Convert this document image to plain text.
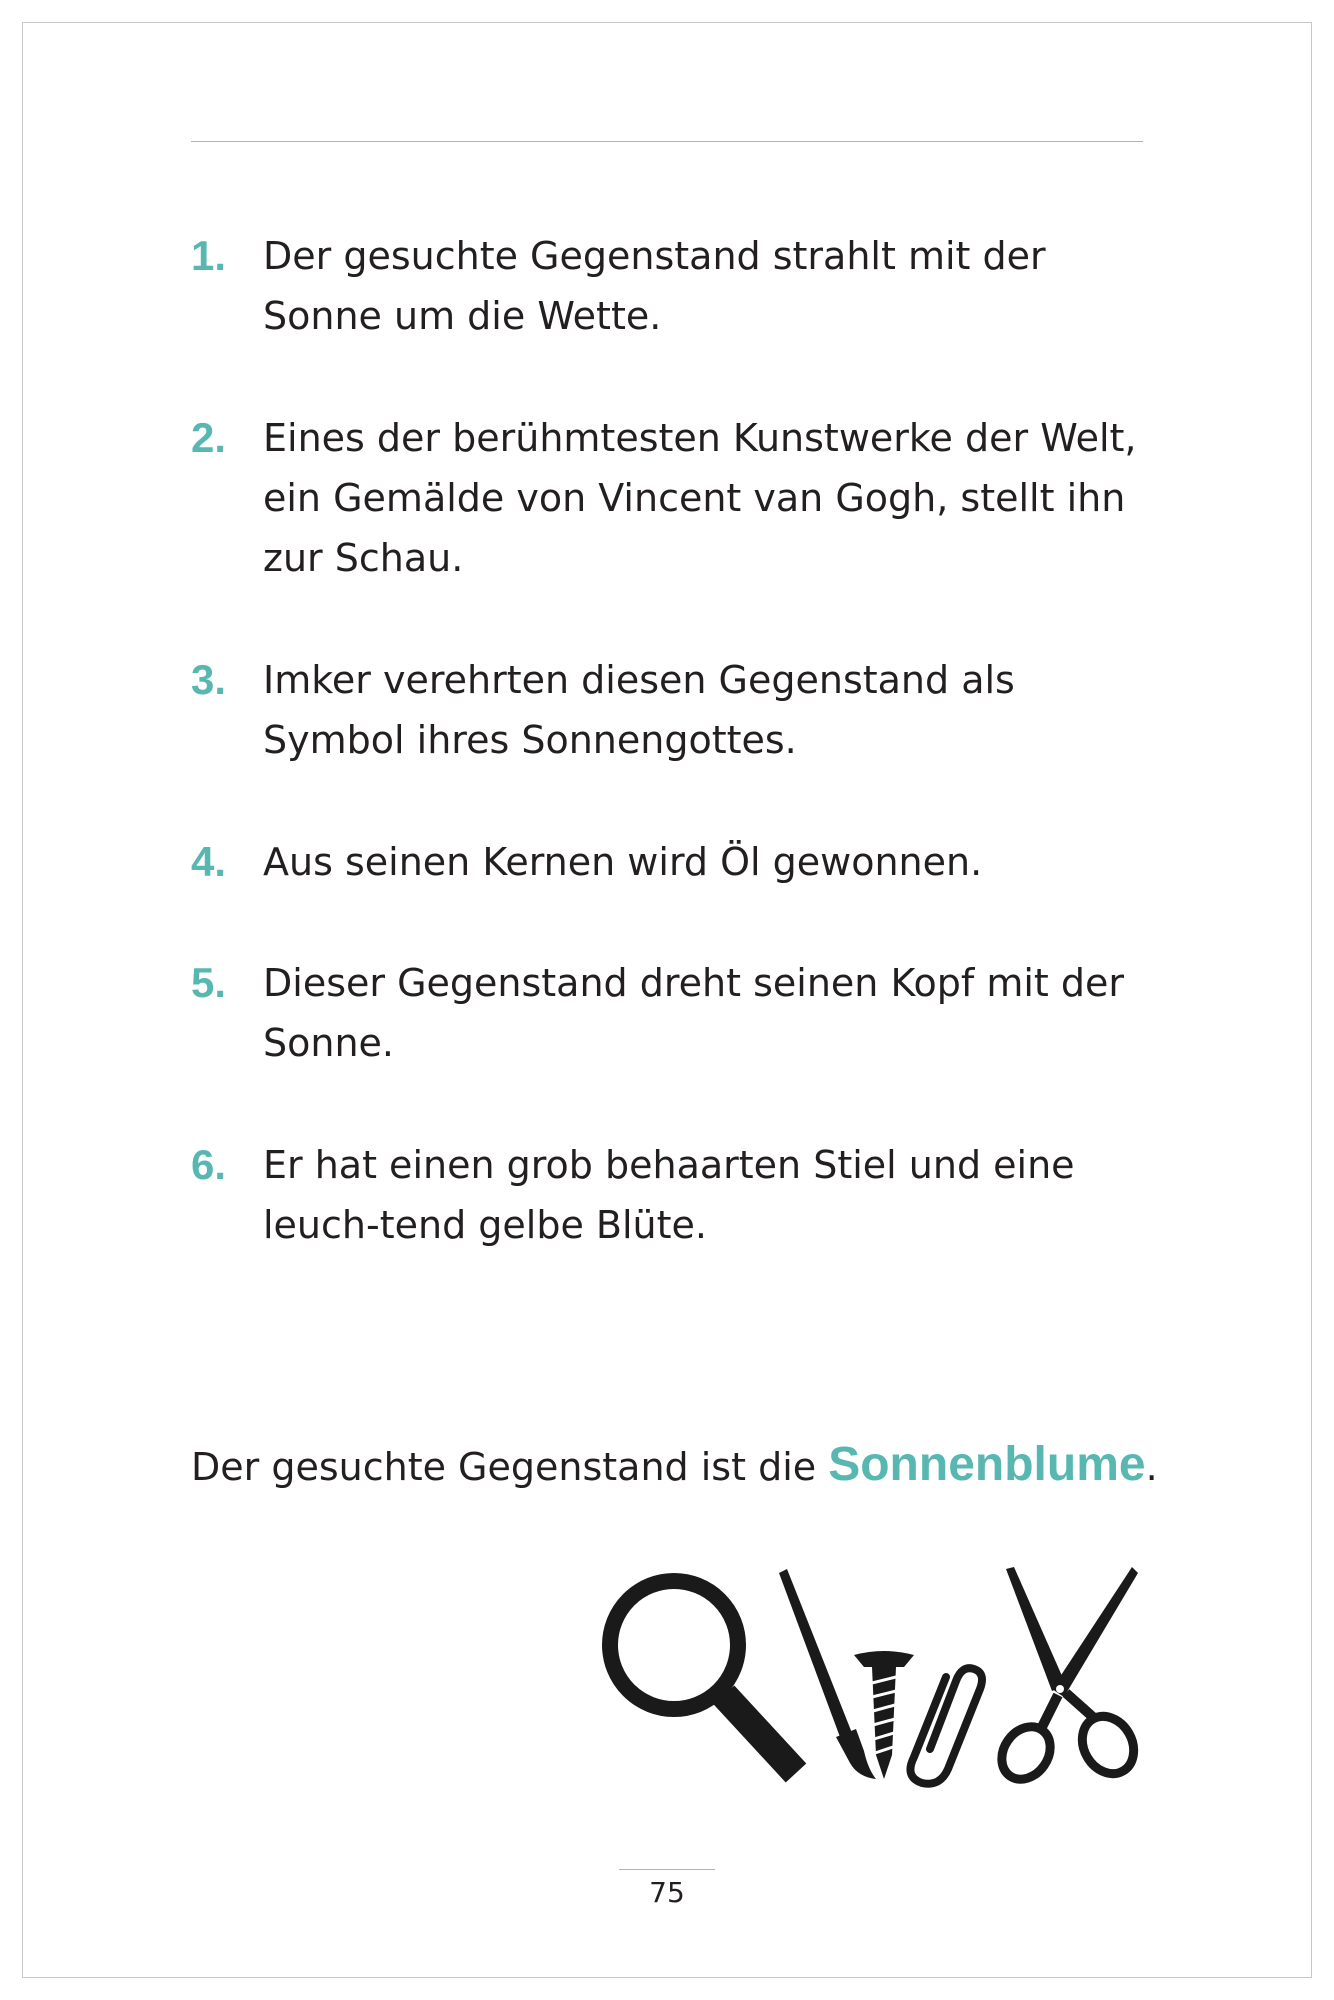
1. Der gesuchte Gegenstand strahlt mit der Sonne um die Wette.
2. Eines der berühmtesten Kunstwerke der Welt, ein Gemälde von Vincent van Gogh, stellt ihn zur Schau.
3. Imker verehrten diesen Gegenstand als Symbol ihres Sonnengottes.
4. Aus seinen Kernen wird Öl gewonnen.
5. Dieser Gegenstand dreht seinen Kopf mit der Sonne.
6. Er hat einen grob behaarten Stiel und eine leuch-tend gelbe Blüte.
Der gesuchte Gegenstand ist die Sonnenblume.
75
